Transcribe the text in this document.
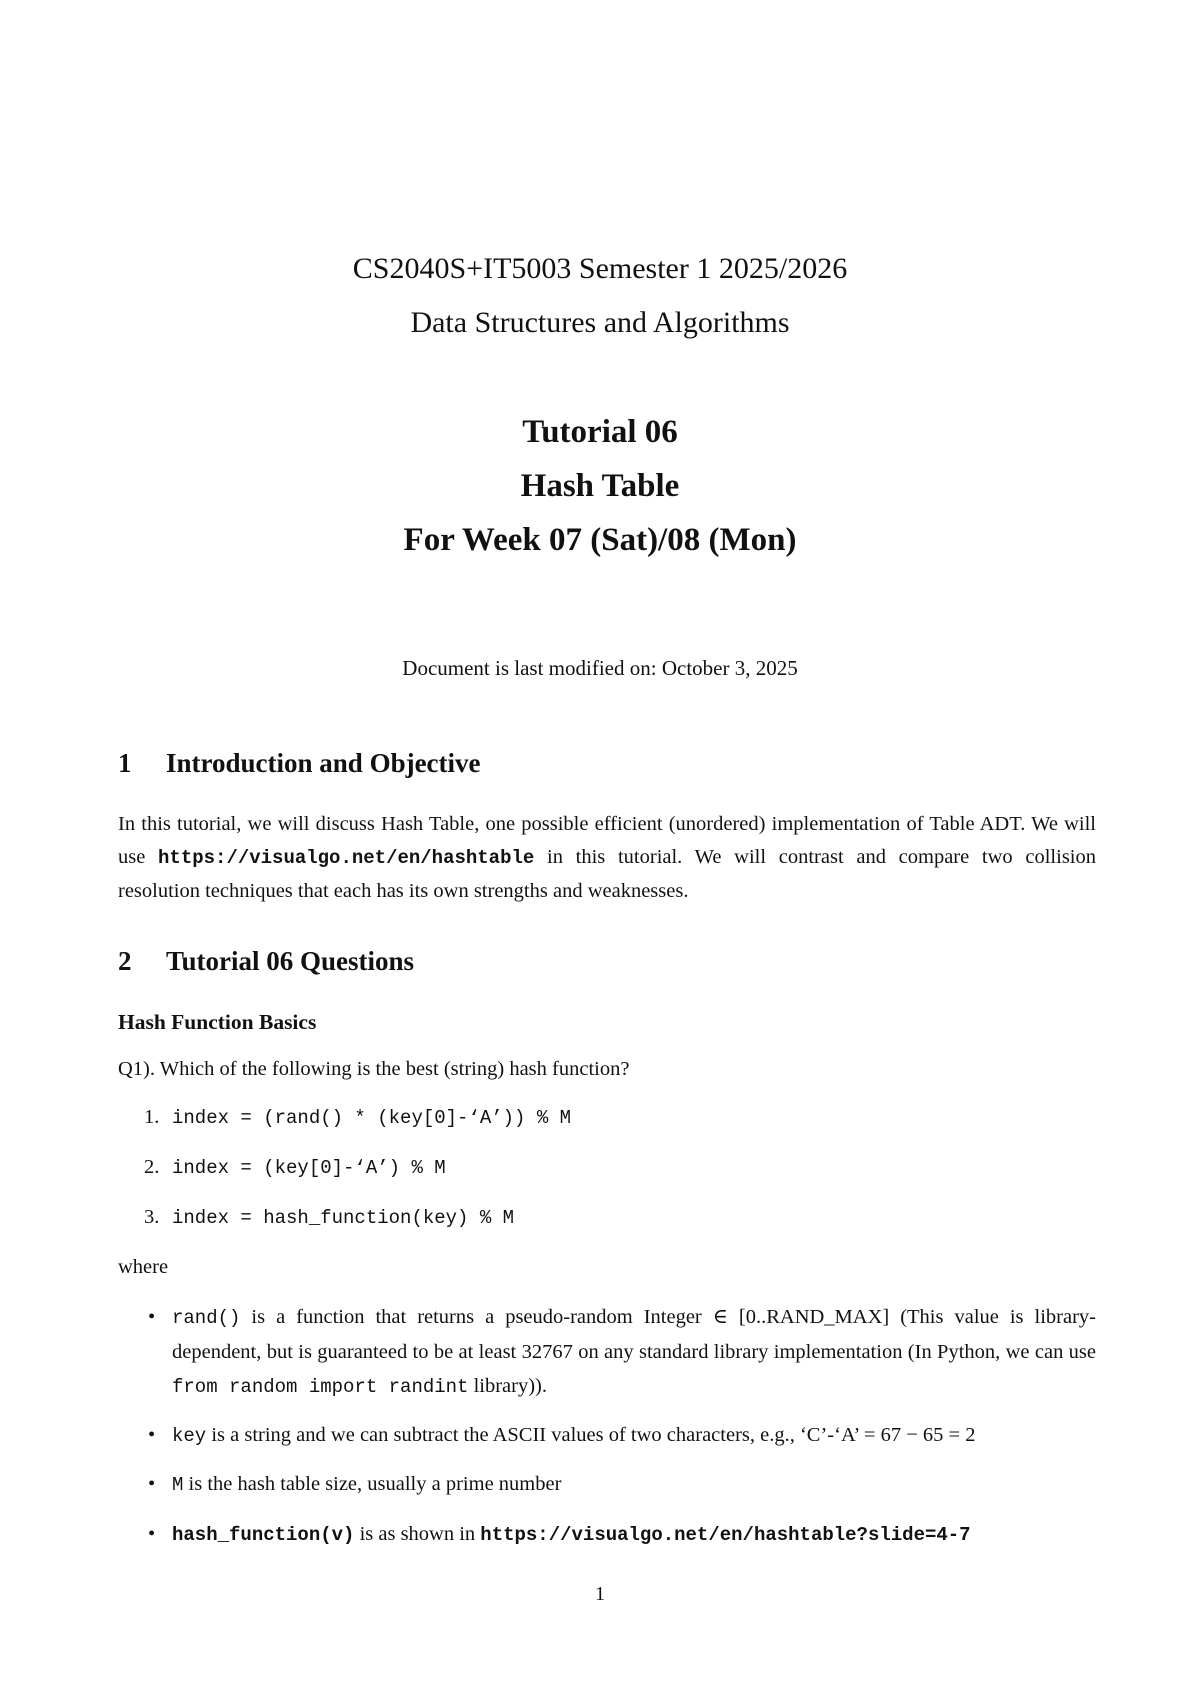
CS2040S+IT5003 Semester 1 2025/2026
Data Structures and Algorithms
Tutorial 06
Hash Table
For Week 07 (Sat)/08 (Mon)
Document is last modified on: October 3, 2025
1 Introduction and Objective
In this tutorial, we will discuss Hash Table, one possible efficient (unordered) implementation of Table ADT. We will use https://visualgo.net/en/hashtable in this tutorial. We will contrast and compare two collision resolution techniques that each has its own strengths and weaknesses.
2 Tutorial 06 Questions
Hash Function Basics
Q1). Which of the following is the best (string) hash function?
1. index = (rand() * (key[0]-‘A’)) % M
2. index = (key[0]-‘A’) % M
3. index = hash_function(key) % M
where
• rand() is a function that returns a pseudo-random Integer ∈ [0..RAND_MAX] (This value is library-dependent, but is guaranteed to be at least 32767 on any standard library implementation (In Python, we can use from random import randint library)).
• key is a string and we can subtract the ASCII values of two characters, e.g., ‘C’-‘A’ = 67 − 65 = 2
• M is the hash table size, usually a prime number
• hash_function(v) is as shown in https://visualgo.net/en/hashtable?slide=4-7
1
